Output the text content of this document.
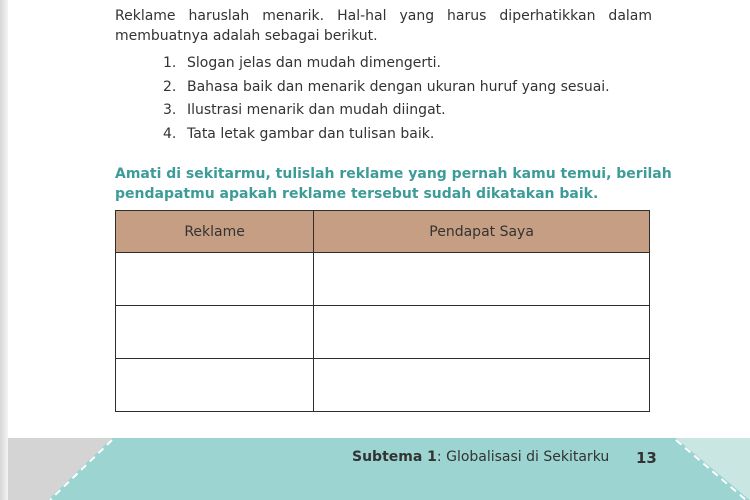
Reklame haruslah menarik. Hal-hal yang harus diperhatikkan dalam membuatnya adalah sebagai berikut.

1. Slogan jelas dan mudah dimengerti.
2. Bahasa baik dan menarik dengan ukuran huruf yang sesuai.
3. Ilustrasi menarik dan mudah diingat.
4. Tata letak gambar dan tulisan baik.

Amati di sekitarmu, tulislah reklame yang pernah kamu temui, berilah pendapatmu apakah reklame tersebut sudah dikatakan baik.

Reklame	Pendapat Saya

Subtema 1: Globalisasi di Sekitarku 13
